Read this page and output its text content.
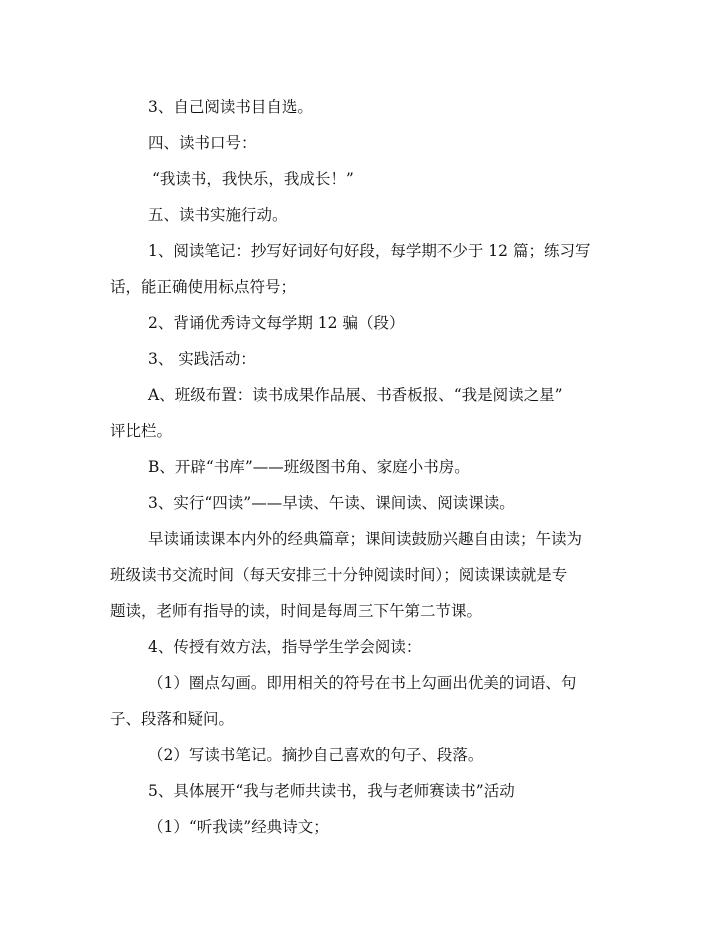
3、自己阅读书目自选。
四、读书口号：
“我读书，我快乐，我成长！”
五、读书实施行动。
1、阅读笔记：抄写好词好句好段，每学期不少于 12 篇；练习写
话，能正确使用标点符号；
2、背诵优秀诗文每学期 12 骗（段）
3、 实践活动：
A、班级布置：读书成果作品展、书香板报、“我是阅读之星”
评比栏。
B、开辟“书库”——班级图书角、家庭小书房。
3、实行“四读”——早读、午读、课间读、阅读课读。
早读诵读课本内外的经典篇章；课间读鼓励兴趣自由读；午读为
班级读书交流时间（每天安排三十分钟阅读时间）；阅读课读就是专
题读，老师有指导的读，时间是每周三下午第二节课。
4、传授有效方法，指导学生学会阅读：
（1）圈点勾画。即用相关的符号在书上勾画出优美的词语、句
子、段落和疑问。
（2）写读书笔记。摘抄自己喜欢的句子、段落。
5、具体展开“我与老师共读书，我与老师赛读书”活动
（1）“听我读”经典诗文；
